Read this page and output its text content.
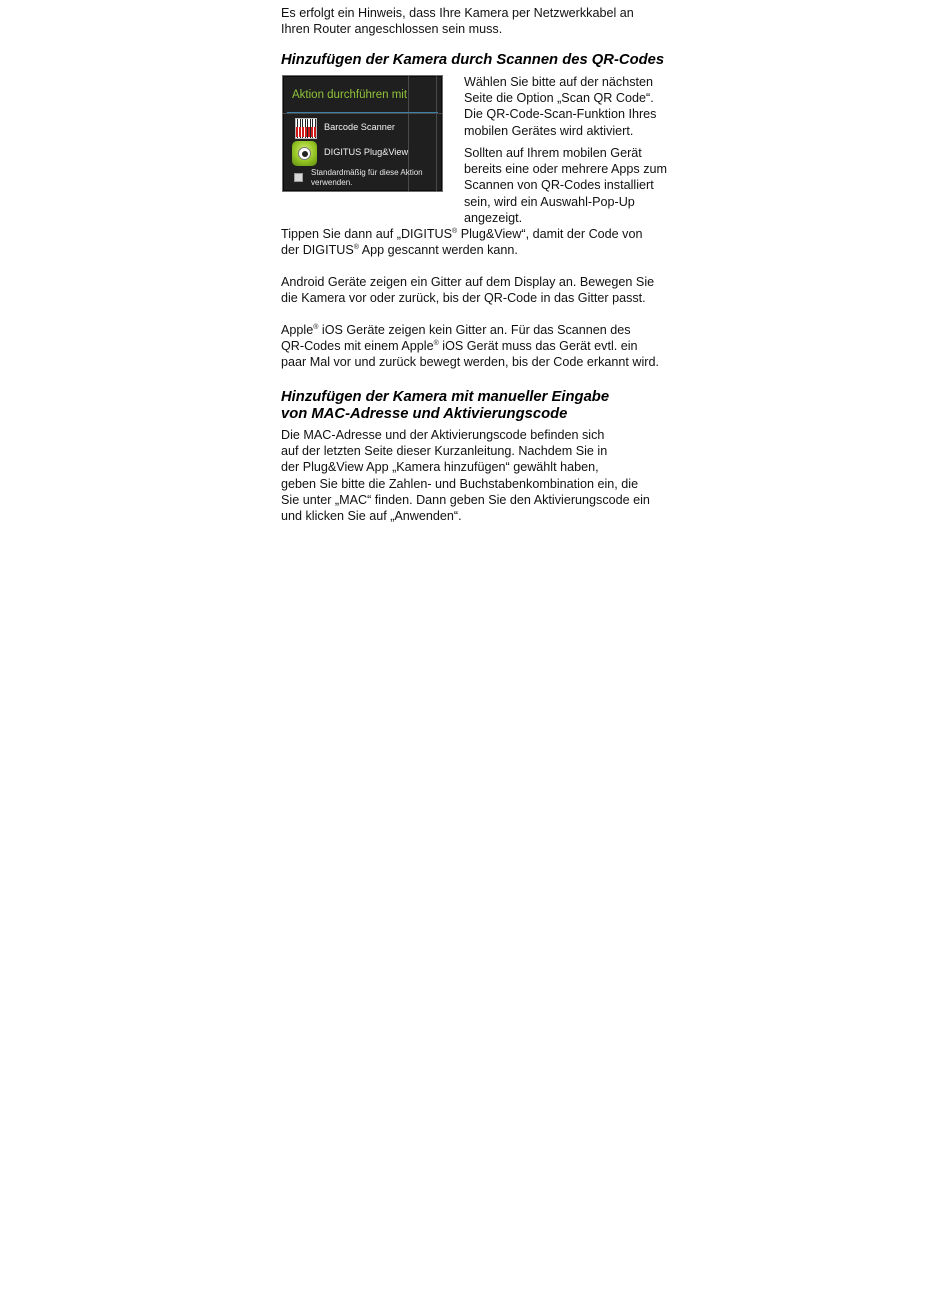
Es erfolgt ein Hinweis, dass Ihre Kamera per Netzwerkkabel an
Ihren Router angeschlossen sein muss.

Hinzufügen der Kamera durch Scannen des QR-Codes
Aktion durchführen mit
Barcode Scanner
DIGITUS Plug&View
Standardmäßig für diese Aktion
verwenden.

Wählen Sie bitte auf der nächsten
Seite die Option „Scan QR Code“.
Die QR-Code-Scan-Funktion Ihres
mobilen Gerätes wird aktiviert.

Sollten auf Ihrem mobilen Gerät
bereits eine oder mehrere Apps zum
Scannen von QR-Codes installiert
sein, wird ein Auswahl-Pop-Up
angezeigt.

Tippen Sie dann auf „DIGITUS® Plug&View“, damit der Code von
der DIGITUS® App gescannt werden kann.

Android Geräte zeigen ein Gitter auf dem Display an. Bewegen Sie
die Kamera vor oder zurück, bis der QR-Code in das Gitter passt.

Apple® iOS Geräte zeigen kein Gitter an. Für das Scannen des
QR-Codes mit einem Apple® iOS Gerät muss das Gerät evtl. ein
paar Mal vor und zurück bewegt werden, bis der Code erkannt wird.

Hinzufügen der Kamera mit manueller Eingabe
von MAC-Adresse und Aktivierungscode

Die MAC-Adresse und der Aktivierungscode befinden sich
auf der letzten Seite dieser Kurzanleitung. Nachdem Sie in
der Plug&View App „Kamera hinzufügen“ gewählt haben,
geben Sie bitte die Zahlen- und Buchstabenkombination ein, die
Sie unter „MAC“ finden. Dann geben Sie den Aktivierungscode ein
und klicken Sie auf „Anwenden“.
